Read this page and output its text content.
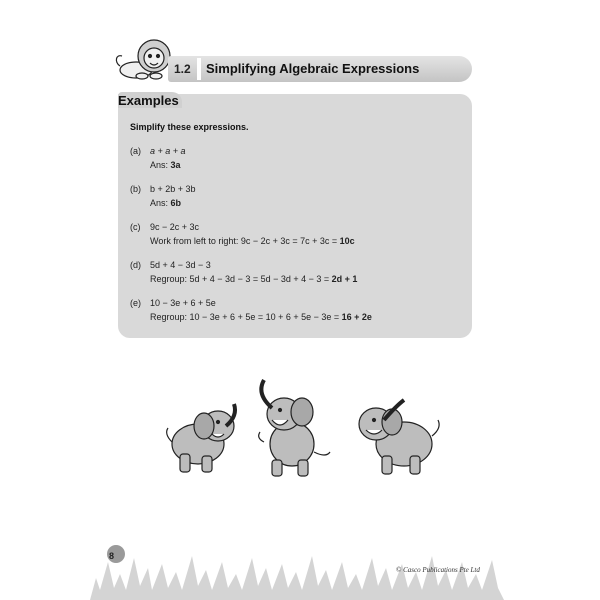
1.2 Simplifying Algebraic Expressions
Examples
Simplify these expressions.
(a)	a + a + a
Ans: 3a
(b)	b + 2b + 3b
Ans: 6b
(c)	9c − 2c + 3c
Work from left to right: 9c − 2c + 3c = 7c + 3c = 10c
(d)	5d + 4 − 3d − 3
Regroup: 5d + 4 − 3d − 3 = 5d − 3d + 4 − 3 = 2d + 1
(e)	10 − 3e + 6 + 5e
Regroup: 10 − 3e + 6 + 5e = 10 + 6 + 5e − 3e = 16 + 2e
8
© Casco Publications Pte Ltd
